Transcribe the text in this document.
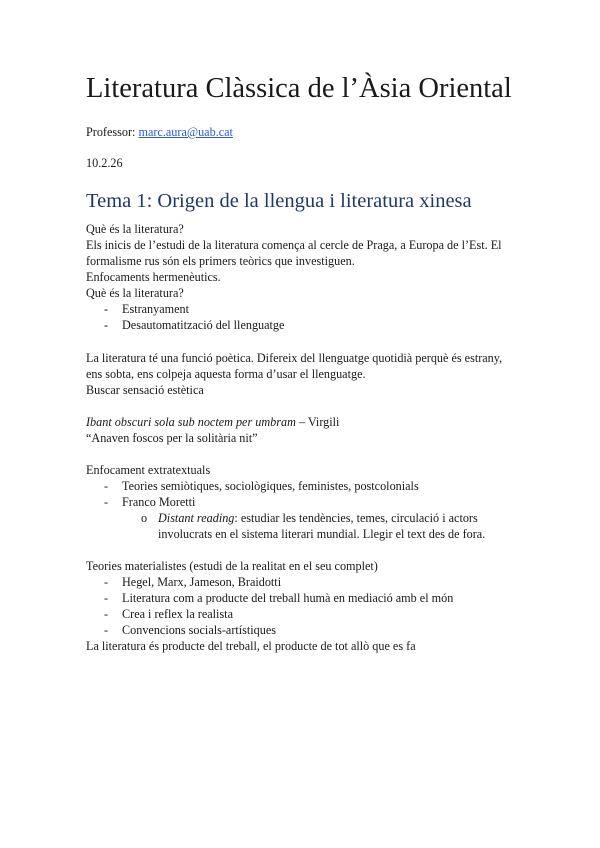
Literatura Clàssica de l’Àsia Oriental
Professor: marc.aura@uab.cat
10.2.26
Tema 1: Origen de la llengua i literatura xinesa
Què és la literatura?
Els inicis de l’estudi de la literatura comença al cercle de Praga, a Europa de l’Est. El
formalisme rus són els primers teòrics que investiguen.
Enfocaments hermenèutics.
Què és la literatura?
- Estranyament
- Desautomatització del llenguatge
La literatura té una funció poètica. Difereix del llenguatge quotidià perquè és estrany,
ens sobta, ens colpeja aquesta forma d’usar el llenguatge.
Buscar sensació estètica
Ibant obscuri sola sub noctem per umbram – Virgili
“Anaven foscos per la solitària nit”
Enfocament extratextuals
- Teories semiòtiques, sociològiques, feministes, postcolonials
- Franco Moretti
o Distant reading: estudiar les tendències, temes, circulació i actors
involucrats en el sistema literari mundial. Llegir el text des de fora.
Teories materialistes (estudi de la realitat en el seu complet)
- Hegel, Marx, Jameson, Braidotti
- Literatura com a producte del treball humà en mediació amb el món
- Crea i reflex la realista
- Convencions socials-artístiques
La literatura és producte del treball, el producte de tot allò que es fa
